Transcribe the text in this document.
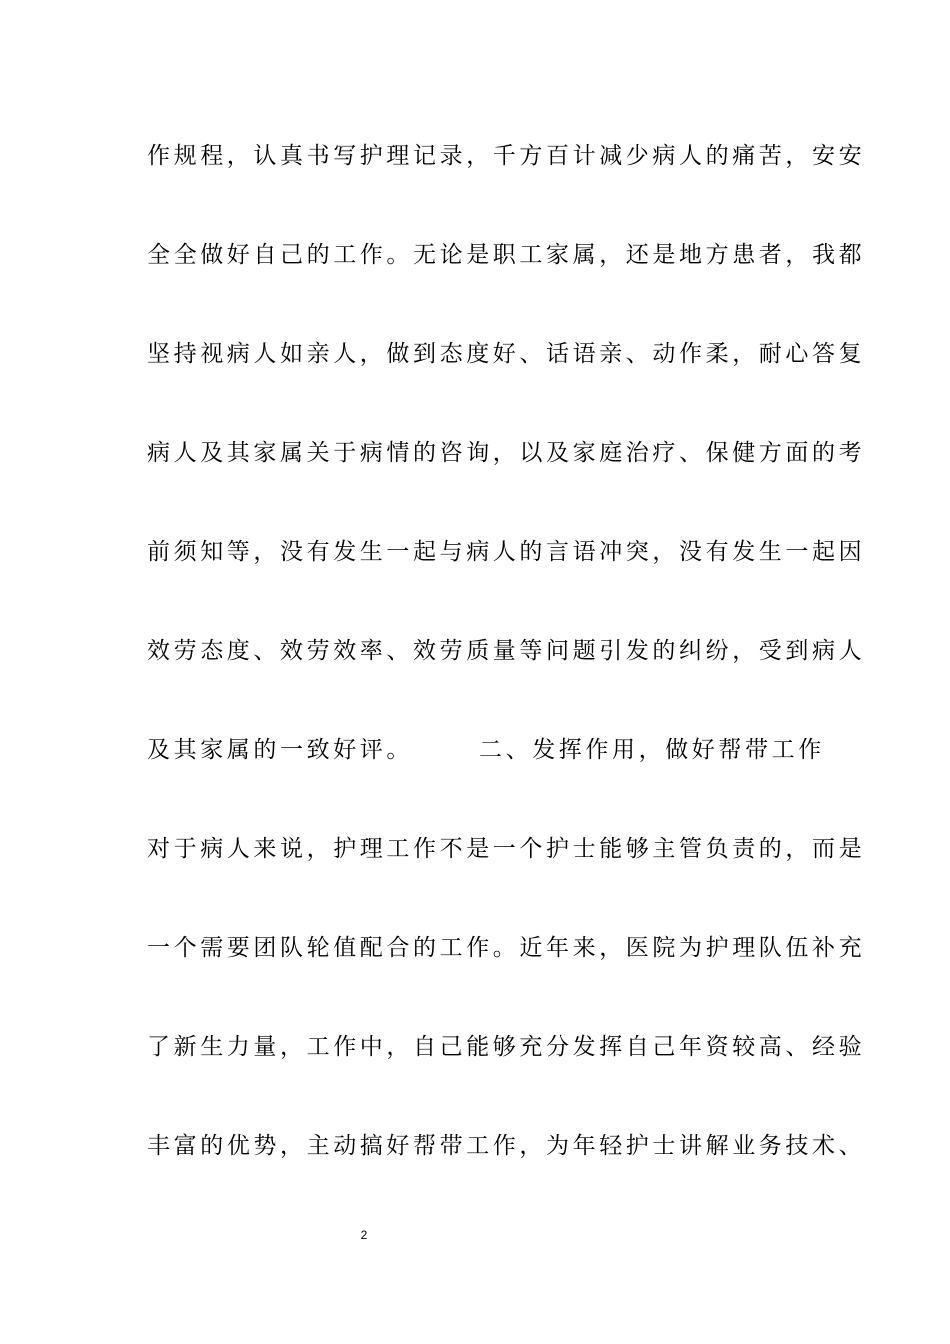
作规程，认真书写护理记录，千方百计减少病人的痛苦，安安
全全做好自己的工作。无论是职工家属，还是地方患者，我都
坚持视病人如亲人，做到态度好、话语亲、动作柔，耐心答复
病人及其家属关于病情的咨询，以及家庭治疗、保健方面的考
前须知等，没有发生一起与病人的言语冲突，没有发生一起因
效劳态度、效劳效率、效劳质量等问题引发的纠纷，受到病人
及其家属的一致好评。	二、发挥作用，做好帮带工作
对于病人来说，护理工作不是一个护士能够主管负责的，而是
一个需要团队轮值配合的工作。近年来，医院为护理队伍补充
了新生力量，工作中，自己能够充分发挥自己年资较高、经验
丰富的优势，主动搞好帮带工作，为年轻护士讲解业务技术、
2
